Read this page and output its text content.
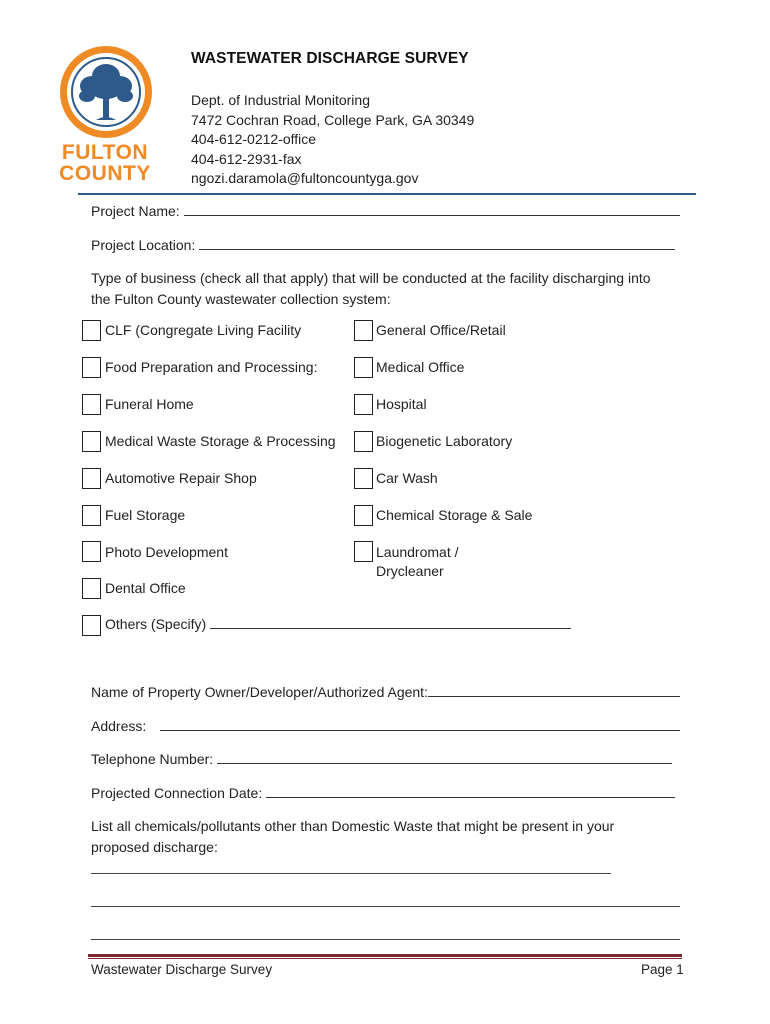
FULTON
COUNTY
WASTEWATER DISCHARGE SURVEY
Dept. of Industrial Monitoring
7472 Cochran Road, College Park, GA 30349
404-612-0212-office
404-612-2931-fax
ngozi.daramola@fultoncountyga.gov
Project Name:
Project Location:
Type of business (check all that apply) that will be conducted at the facility discharging into
the Fulton County wastewater collection system:
CLF (Congregate Living Facility
Food Preparation and Processing:
Funeral Home
Medical Waste Storage & Processing
Automotive Repair Shop
Fuel Storage
Photo Development
Dental Office
Others (Specify)
General Office/Retail
Medical Office
Hospital
Biogenetic Laboratory
Car Wash
Chemical Storage & Sale
Laundromat /
Drycleaner
Name of Property Owner/Developer/Authorized Agent:
Address:
Telephone Number:
Projected Connection Date:
List all chemicals/pollutants other than Domestic Waste that might be present in your
proposed discharge:
Wastewater Discharge Survey	Page 1
